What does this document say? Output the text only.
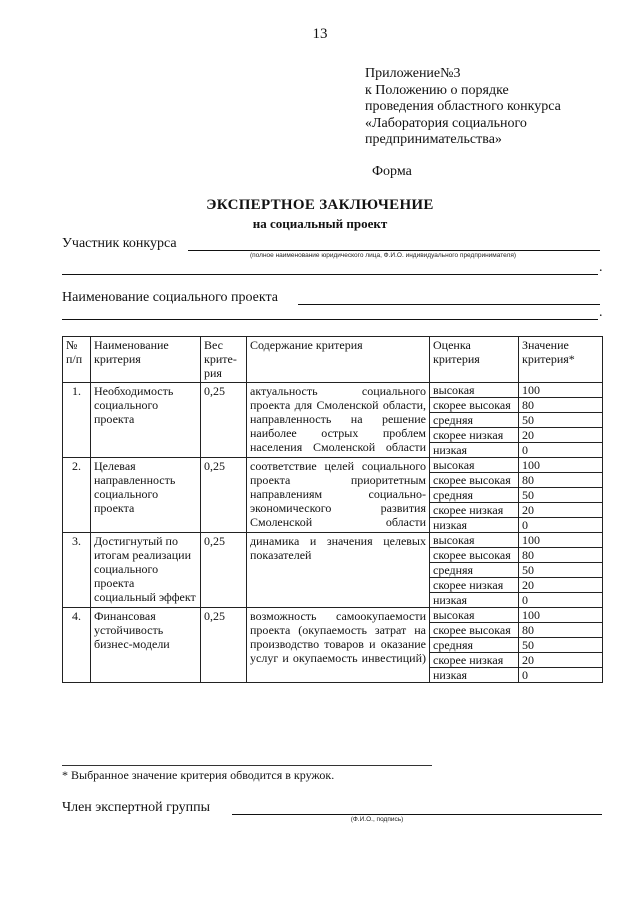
13
Приложение№3
к Положению о порядке
проведения областного конкурса
«Лаборатория социального
предпринимательства»
Форма
ЭКСПЕРТНОЕ ЗАКЛЮЧЕНИЕ
на социальный проект
Участник конкурса
(полное наименование юридического лица, Ф.И.О. индивидуального предпринимателя)
.
Наименование социального проекта
.
№ п/п	Наименование критерия	Вес крите-рия	Содержание критерия	Оценка критерия	Значение критерия*
1.	Необходимость социального проекта	0,25	актуальность социального проекта для Смоленской области, направленность на решение наиболее острых проблем населения Смоленской области	высокая	100
				скорее высокая	80
				средняя	50
				скорее низкая	20
				низкая	0
2.	Целевая направленность социального проекта	0,25	соответствие целей социального проекта приоритетным направлениям социально-экономического развития Смоленской области	высокая	100
				скорее высокая	80
				средняя	50
				скорее низкая	20
				низкая	0
3.	Достигнутый по итогам реализации социального проекта социальный эффект	0,25	динамика и значения целевых показателей	высокая	100
				скорее высокая	80
				средняя	50
				скорее низкая	20
				низкая	0
4.	Финансовая устойчивость бизнес-модели	0,25	возможность самоокупаемости проекта (окупаемость затрат на производство товаров и оказание услуг и окупаемость инвестиций)	высокая	100
				скорее высокая	80
				средняя	50
				скорее низкая	20
				низкая	0
* Выбранное значение критерия обводится в кружок.
Член экспертной группы
(Ф.И.О., подпись)
